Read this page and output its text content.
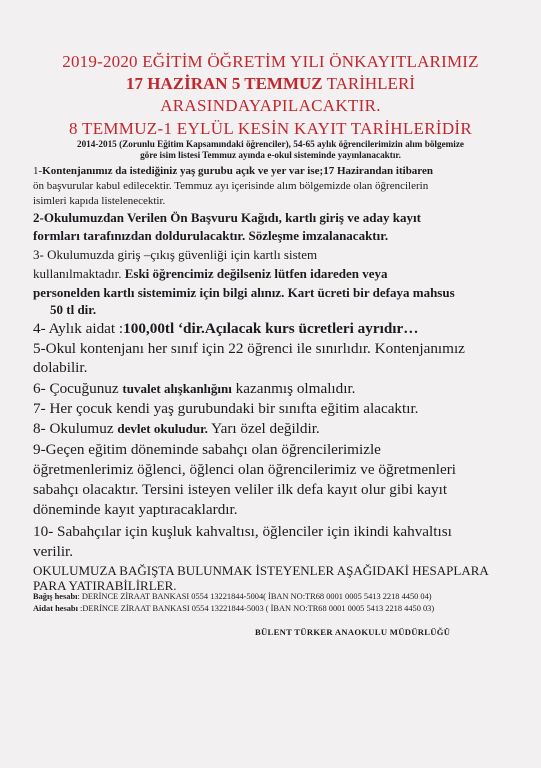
2019-2020 EĞİTİM ÖĞRETİM YILI ÖNKAYITLARIMIZ
17 HAZİRAN 5 TEMMUZ TARİHLERİ
ARASINDAYAPILACAKTIR.
8 TEMMUZ-1 EYLÜL KESİN KAYIT TARİHLERİDİR
2014-2015 (Zorunlu Eğitim Kapsamındaki öğrenciler), 54-65 aylık öğrencilerimizin alım bölgemize
göre isim listesi Temmuz ayında e-okul sisteminde yayınlanacaktır.
1-Kontenjanımız da istediğiniz yaş gurubu açık ve yer var ise;17 Hazirandan itibaren
ön başvurular kabul edilecektir. Temmuz ayı içerisinde alım bölgemizde olan öğrencilerin
isimleri kapıda listelenecektir.
2-Okulumuzdan Verilen Ön Başvuru Kağıdı, kartlı giriş ve aday kayıt
formları tarafınızdan doldurulacaktır. Sözleşme imzalanacaktır.
3- Okulumuzda giriş –çıkış güvenliği için kartlı sistem
kullanılmaktadır. Eski öğrencimiz değilseniz lütfen idareden veya
personelden kartlı sistemimiz için bilgi alınız. Kart ücreti bir defaya mahsus
50 tl dir.
4- Aylık aidat :100,00tl ‘dir.Açılacak kurs ücretleri ayrıdır…
5-Okul kontenjanı her sınıf için 22 öğrenci ile sınırlıdır. Kontenjanımız
dolabilir.
6- Çocuğunuz tuvalet alışkanlığını kazanmış olmalıdır.
7- Her çocuk kendi yaş gurubundaki bir sınıfta eğitim alacaktır.
8- Okulumuz devlet okuludur. Yarı özel değildir.
9-Geçen eğitim döneminde sabahçı olan öğrencilerimizle
öğretmenlerimiz öğlenci, öğlenci olan öğrencilerimiz ve öğretmenleri
sabahçı olacaktır. Tersini isteyen veliler ilk defa kayıt olur gibi kayıt
döneminde kayıt yaptıracaklardır.
10- Sabahçılar için kuşluk kahvaltısı, öğlenciler için ikindi kahvaltısı
verilir.
OKULUMUZA BAĞIŞTA BULUNMAK İSTEYENLER AŞAĞIDAKİ HESAPLARA
PARA YATIRABİLİRLER.
Bağış hesabı: DERİNCE ZİRAAT BANKASI 0554 13221844-5004( İBAN NO:TR68 0001 0005 5413 2218 4450 04)
Aidat hesabı :DERİNCE ZİRAAT BANKASI 0554 13221844-5003 ( İBAN NO:TR68 0001 0005 5413 2218 4450 03)
BÜLENT TÜRKER ANAOKULU MÜDÜRLÜĞÜ
